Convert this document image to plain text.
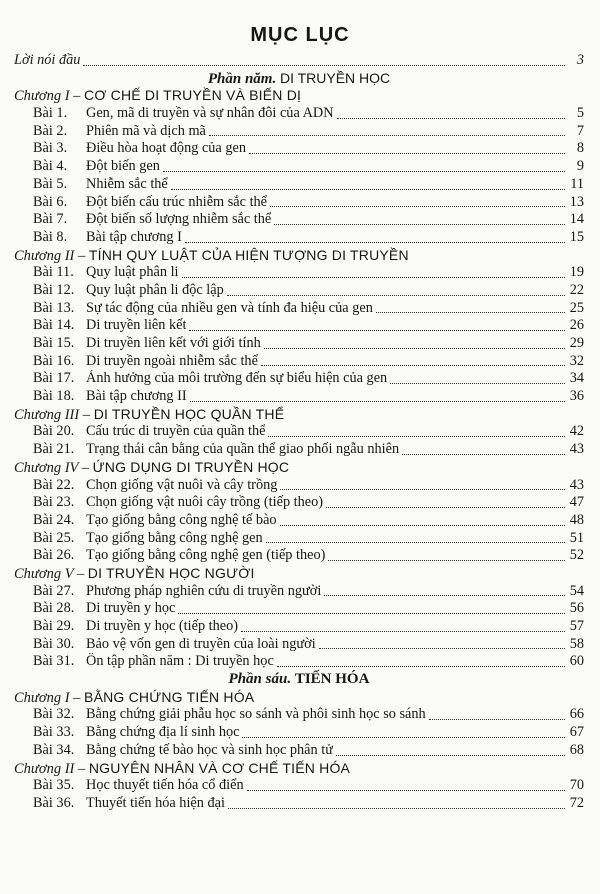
MỤC LỤC
Lời nói đầu	3
Phần năm. DI TRUYỀN HỌC
Chương I – CƠ CHẾ DI TRUYỀN VÀ BIẾN DỊ
Bài 1.	Gen, mã di truyền và sự nhân đôi của ADN	5
Bài 2.	Phiên mã và dịch mã	7
Bài 3.	Điều hòa hoạt động của gen	8
Bài 4.	Đột biến gen	9
Bài 5.	Nhiễm sắc thể	11
Bài 6.	Đột biến cấu trúc nhiễm sắc thể	13
Bài 7.	Đột biến số lượng nhiễm sắc thể	14
Bài 8.	Bài tập chương I	15
Chương II – TÍNH QUY LUẬT CỦA HIỆN TƯỢNG DI TRUYỀN
Bài 11. Quy luật phân li	19
Bài 12. Quy luật phân li độc lập	22
Bài 13. Sự tác động của nhiều gen và tính đa hiệu của gen	25
Bài 14. Di truyền liên kết	26
Bài 15. Di truyền liên kết với giới tính	29
Bài 16. Di truyền ngoài nhiễm sắc thể	32
Bài 17. Ảnh hưởng của môi trường đến sự biểu hiện của gen	34
Bài 18. Bài tập chương II	36
Chương III – DI TRUYỀN HỌC QUẦN THỂ
Bài 20. Cấu trúc di truyền của quần thể	42
Bài 21. Trạng thái cân bằng của quần thể giao phối ngẫu nhiên	43
Chương IV – ỨNG DỤNG DI TRUYỀN HỌC
Bài 22. Chọn giống vật nuôi và cây trồng	43
Bài 23. Chọn giống vật nuôi cây trồng (tiếp theo)	47
Bài 24. Tạo giống bằng công nghệ tế bào	48
Bài 25. Tạo giống bằng công nghệ gen	51
Bài 26. Tạo giống bằng công nghệ gen (tiếp theo)	52
Chương V – DI TRUYỀN HỌC NGƯỜI
Bài 27. Phương pháp nghiên cứu di truyền người	54
Bài 28. Di truyền y học	56
Bài 29. Di truyền y học (tiếp theo)	57
Bài 30. Bảo vệ vốn gen di truyền của loài người	58
Bài 31. Ôn tập phần năm : Di truyền học	60
Phần sáu. TIẾN HÓA
Chương I – BẰNG CHỨNG TIẾN HÓA
Bài 32. Bằng chứng giải phẫu học so sánh và phôi sinh học so sánh	66
Bài 33. Bằng chứng địa lí sinh học	67
Bài 34. Bằng chứng tế bào học và sinh học phân tử	68
Chương II – NGUYÊN NHÂN VÀ CƠ CHẾ TIẾN HÓA
Bài 35. Học thuyết tiến hóa cổ điển	70
Bài 36. Thuyết tiến hóa hiện đại	72
